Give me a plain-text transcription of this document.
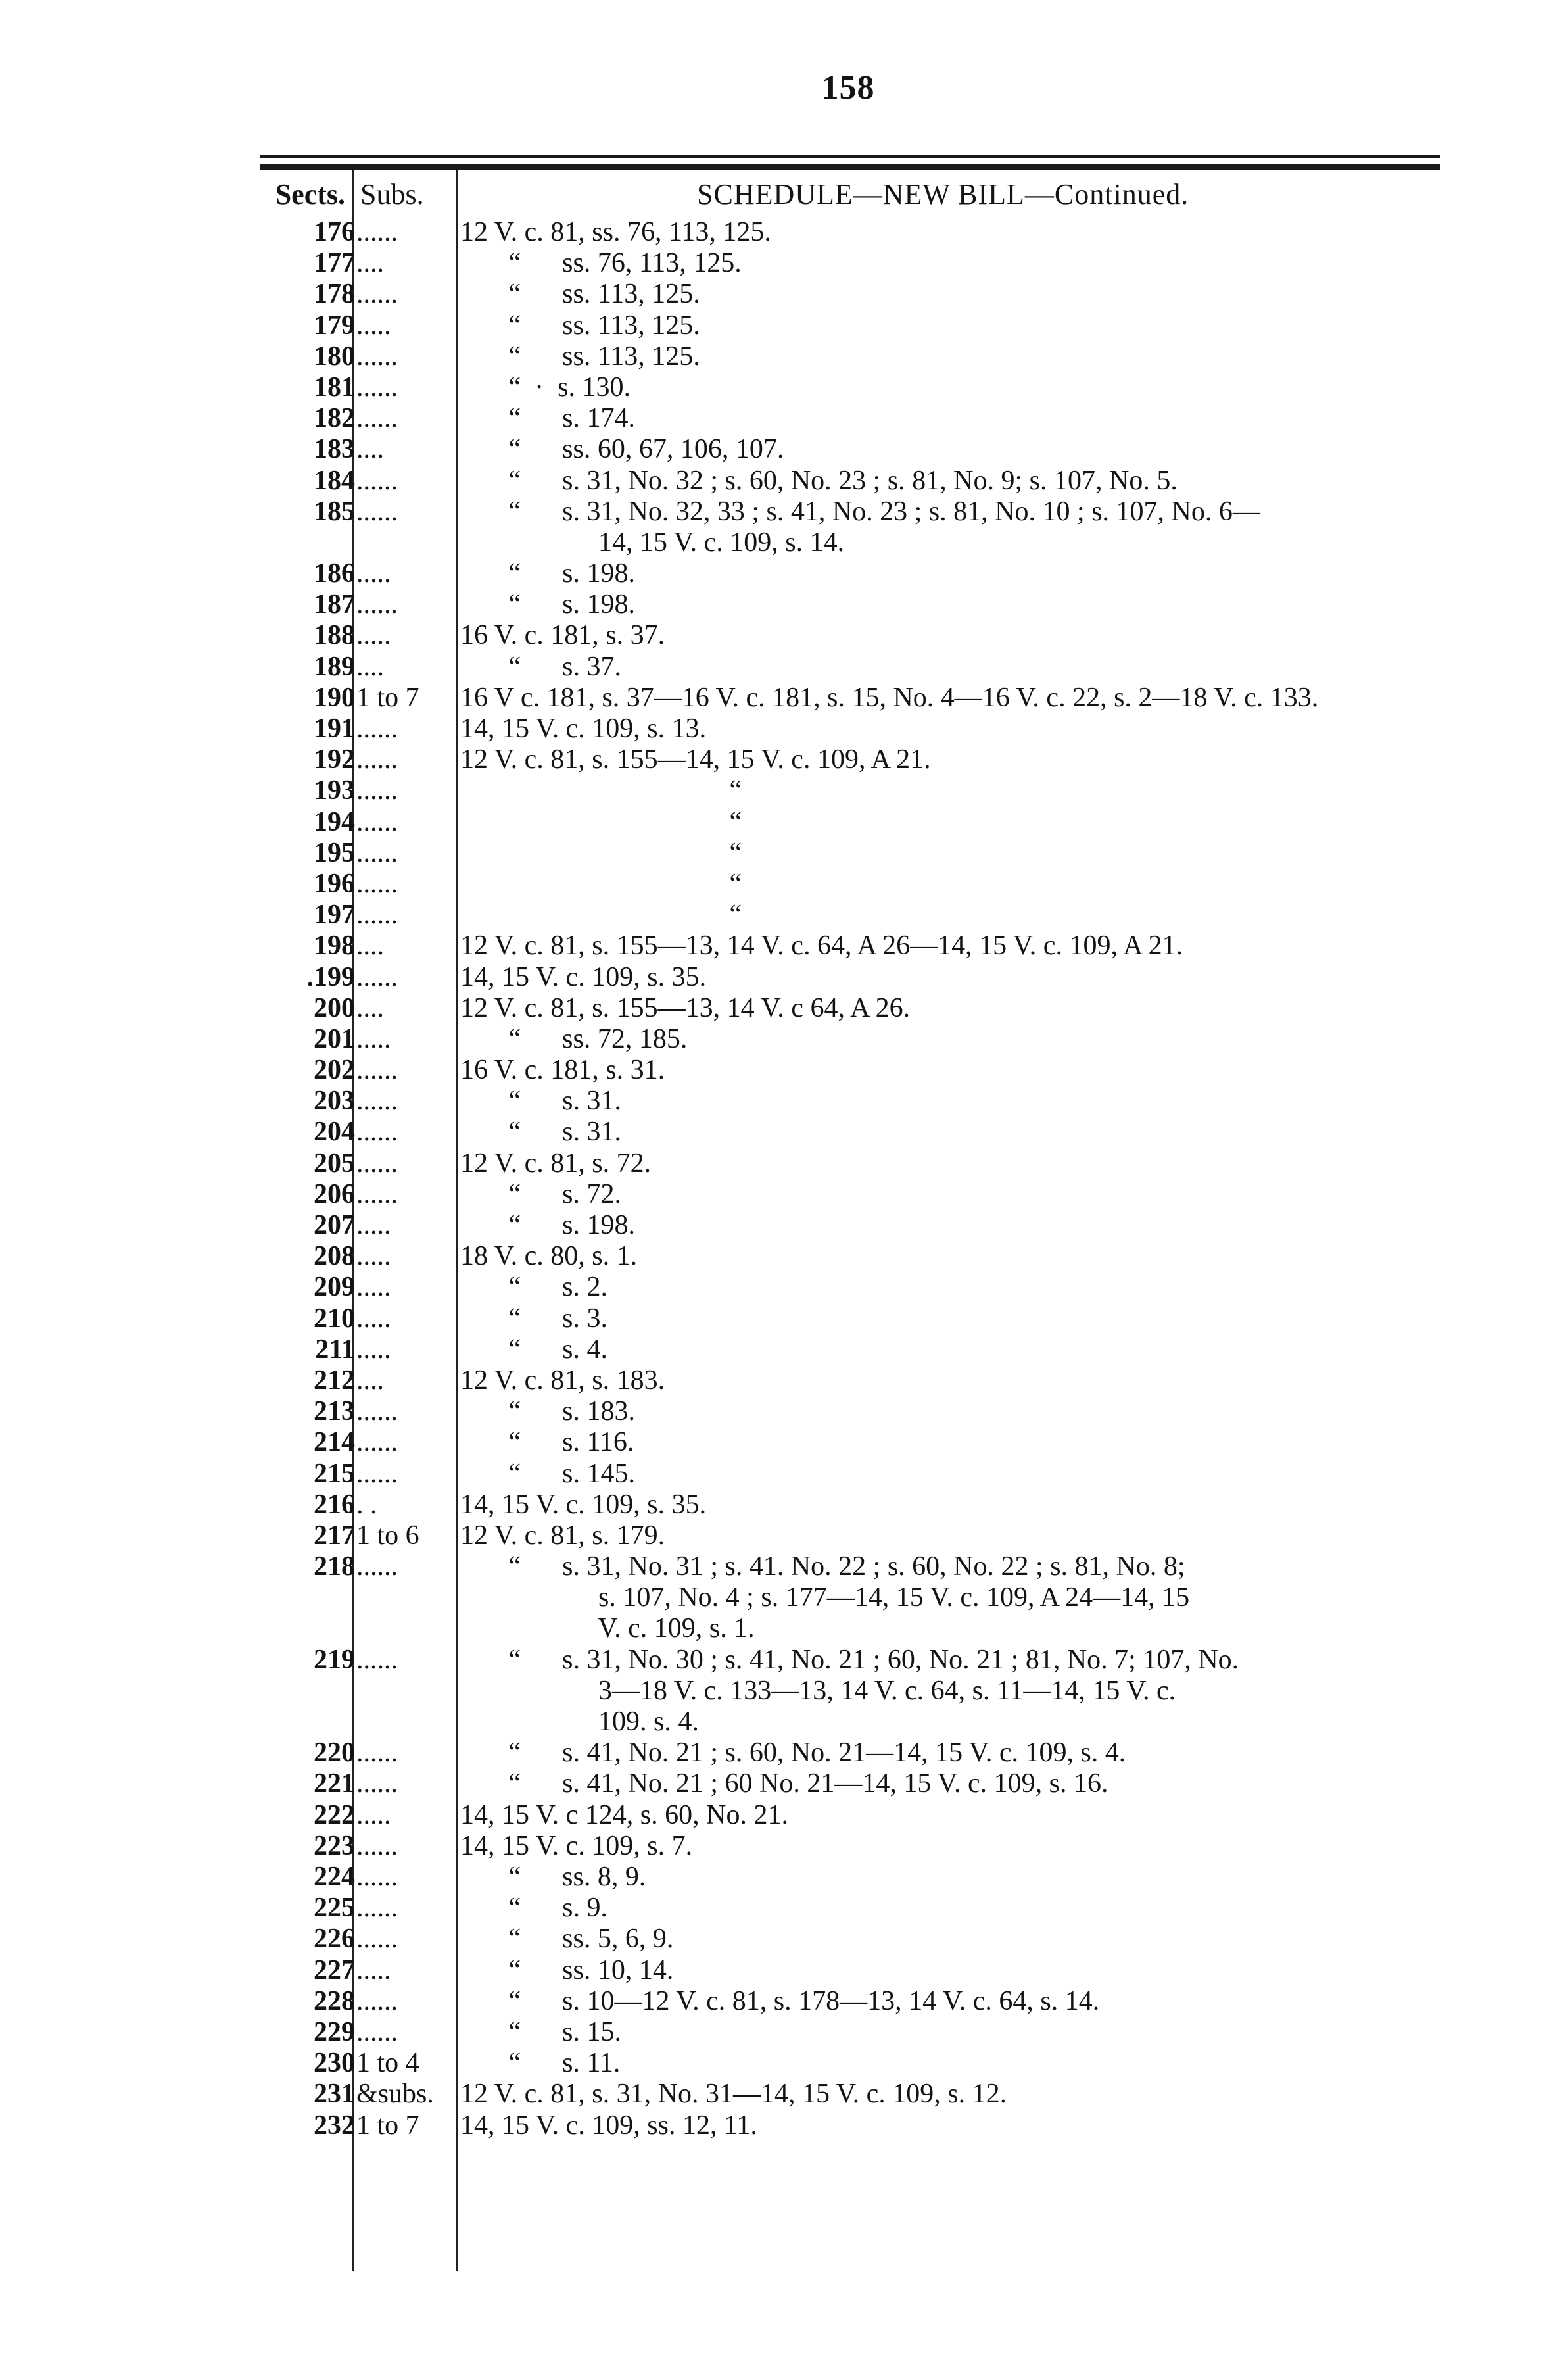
158
Sects. Subs.	SCHEDULE—NEW BILL—Continued.
176 ......	12 V. c. 81, ss. 76, 113, 125.
177 ....	“      ss. 76, 113, 125.
178 ......	“      ss. 113, 125.
179 .....	“      ss. 113, 125.
180 ......	“      ss. 113, 125.
181 ......	“  ·  s. 130.
182 ......	“      s. 174.
183 ....	“      ss. 60, 67, 106, 107.
184 ......	“      s. 31, No. 32 ; s. 60, No. 23 ; s. 81, No. 9; s. 107, No. 5.
185 ......	“      s. 31, No. 32, 33 ; s. 41, No. 23 ; s. 81, No. 10 ; s. 107, No. 6—
14, 15 V. c. 109, s. 14.
186 .....	“      s. 198.
187 ......	“      s. 198.
188 .....	16 V. c. 181, s. 37.
189 ....	“      s. 37.
190 1 to 7	16 V c. 181, s. 37—16 V. c. 181, s. 15, No. 4—16 V. c. 22, s. 2—18 V. c. 133.
191 ......	14, 15 V. c. 109, s. 13.
192 ......	12 V. c. 81, s. 155—14, 15 V. c. 109, A 21.
193 ......	“
194 ......	“
195 ......	“
196 ......	“
197 ......	“
198 ....	12 V. c. 81, s. 155—13, 14 V. c. 64, A 26—14, 15 V. c. 109, A 21.
.199 ......	14, 15 V. c. 109, s. 35.
200 ....	12 V. c. 81, s. 155—13, 14 V. c 64, A 26.
201 .....	“      ss. 72, 185.
202 ......	16 V. c. 181, s. 31.
203 ......	“      s. 31.
204 ......	“      s. 31.
205 ......	12 V. c. 81, s. 72.
206 ......	“      s. 72.
207 .....	“      s. 198.
208 .....	18 V. c. 80, s. 1.
209 .....	“      s. 2.
210 .....	“      s. 3.
211 .....	“      s. 4.
212 ....	12 V. c. 81, s. 183.
213 ......	“      s. 183.
214 ......	“      s. 116.
215 ......	“      s. 145.
216 . .	14, 15 V. c. 109, s. 35.
217 1 to 6	12 V. c. 81, s. 179.
218 ......	“      s. 31, No. 31 ; s. 41. No. 22 ; s. 60, No. 22 ; s. 81, No. 8;
s. 107, No. 4 ; s. 177—14, 15 V. c. 109, A 24—14, 15
V. c. 109, s. 1.
219 ......	“      s. 31, No. 30 ; s. 41, No. 21 ; 60, No. 21 ; 81, No. 7; 107, No.
3—18 V. c. 133—13, 14 V. c. 64, s. 11—14, 15 V. c.
109. s. 4.
220 ......	“      s. 41, No. 21 ; s. 60, No. 21—14, 15 V. c. 109, s. 4.
221 ......	“      s. 41, No. 21 ; 60 No. 21—14, 15 V. c. 109, s. 16.
222 .....	14, 15 V. c 124, s. 60, No. 21.
223 ......	14, 15 V. c. 109, s. 7.
224 ......	“      ss. 8, 9.
225 ......	“      s. 9.
226 ......	“      ss. 5, 6, 9.
227 .....	“      ss. 10, 14.
228 ......	“      s. 10—12 V. c. 81, s. 178—13, 14 V. c. 64, s. 14.
229 ......	“      s. 15.
230 1 to 4	“      s. 11.
231 &subs. 12 V. c. 81, s. 31, No. 31—14, 15 V. c. 109, s. 12.
232 1 to 7	14, 15 V. c. 109, ss. 12, 11.
